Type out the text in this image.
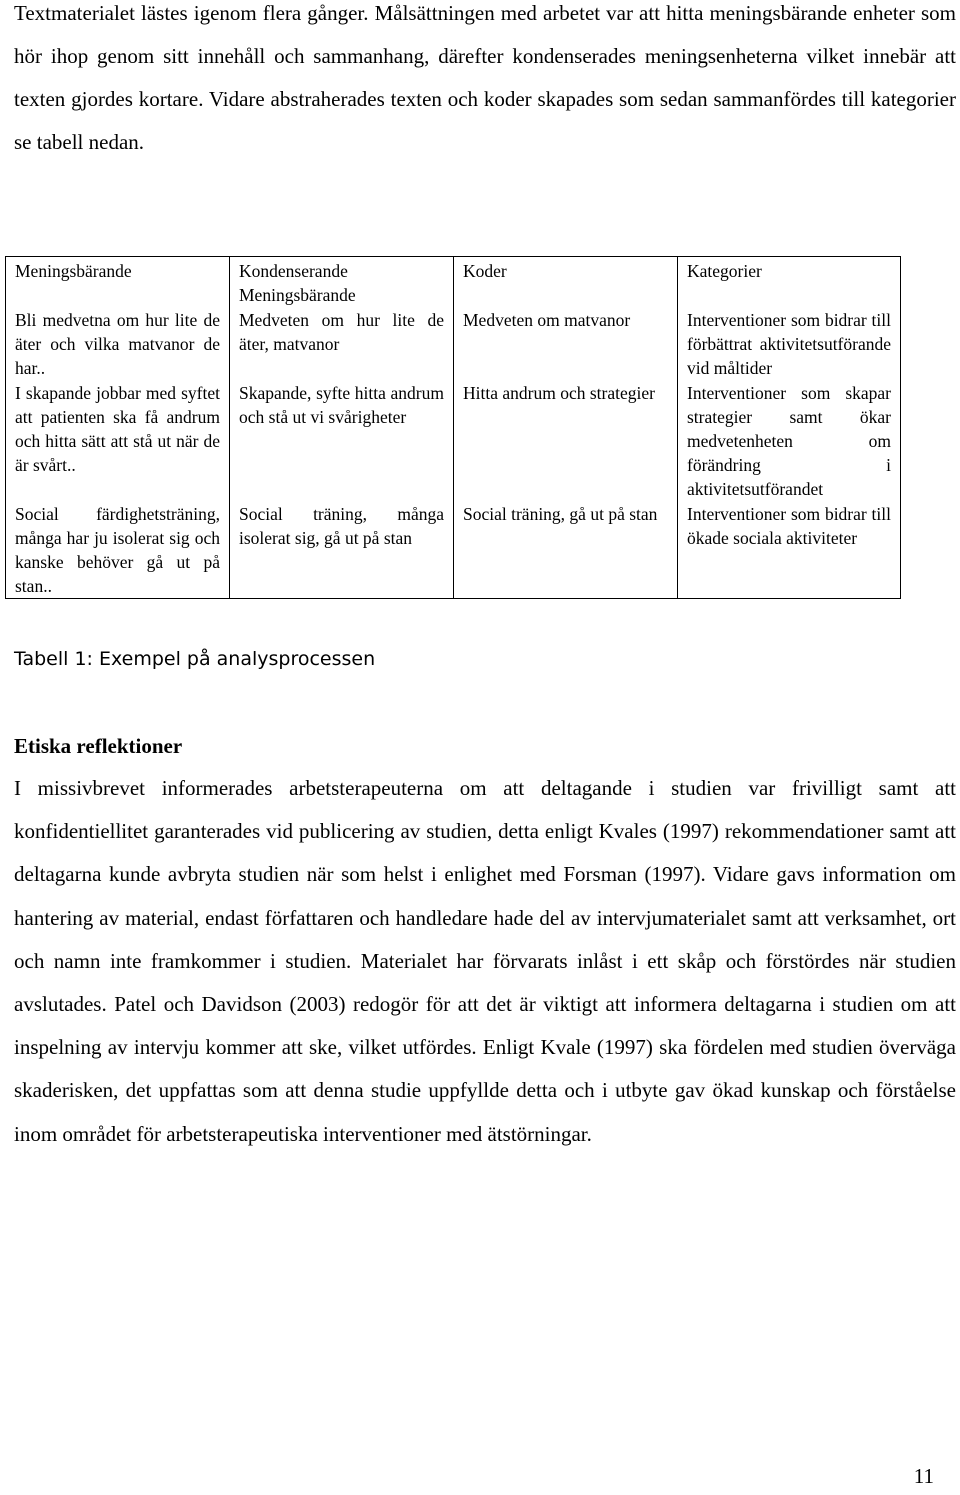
Textmaterialet lästes igenom flera gånger. Målsättningen med arbetet var att hitta meningsbärande enheter som hör ihop genom sitt innehåll och sammanhang, därefter kondenserades meningsenheterna vilket innebär att texten gjordes kortare. Vidare abstraherades texten och koder skapades som sedan sammanfördes till kategorier se tabell nedan.

Meningsbärande	Kondenserande Meningsbärande	Koder	Kategorier
Bli medvetna om hur lite de äter och vilka matvanor de har..	Medveten om hur lite de äter, matvanor	Medveten om matvanor	Interventioner som bidrar till förbättrat aktivitetsutförande vid måltider
I skapande jobbar med syftet att patienten ska få andrum och hitta sätt att stå ut när de är svårt..	Skapande, syfte hitta andrum och stå ut vi svårigheter	Hitta andrum och strategier	Interventioner som skapar strategier samt ökar medvetenheten om förändring i aktivitetsutförandet
Social färdighetsträning, många har ju isolerat sig och kanske behöver gå ut på stan..	Social träning, många isolerat sig, gå ut på stan	Social träning, gå ut på stan	Interventioner som bidrar till ökade sociala aktiviteter

Tabell 1: Exempel på analysprocessen

Etiska reflektioner

I missivbrevet informerades arbetsterapeuterna om att deltagande i studien var frivilligt samt att konfidentiellitet garanterades vid publicering av studien, detta enligt Kvales (1997) rekommendationer samt att deltagarna kunde avbryta studien när som helst i enlighet med Forsman (1997). Vidare gavs information om hantering av material, endast författaren och handledare hade del av intervjumaterialet samt att verksamhet, ort och namn inte framkommer i studien. Materialet har förvarats inlåst i ett skåp och förstördes när studien avslutades. Patel och Davidson (2003) redogör för att det är viktigt att informera deltagarna i studien om att inspelning av intervju kommer att ske, vilket utfördes. Enligt Kvale (1997) ska fördelen med studien överväga skaderisken, det uppfattas som att denna studie uppfyllde detta och i utbyte gav ökad kunskap och förståelse inom området för arbetsterapeutiska interventioner med ätstörningar.

11
